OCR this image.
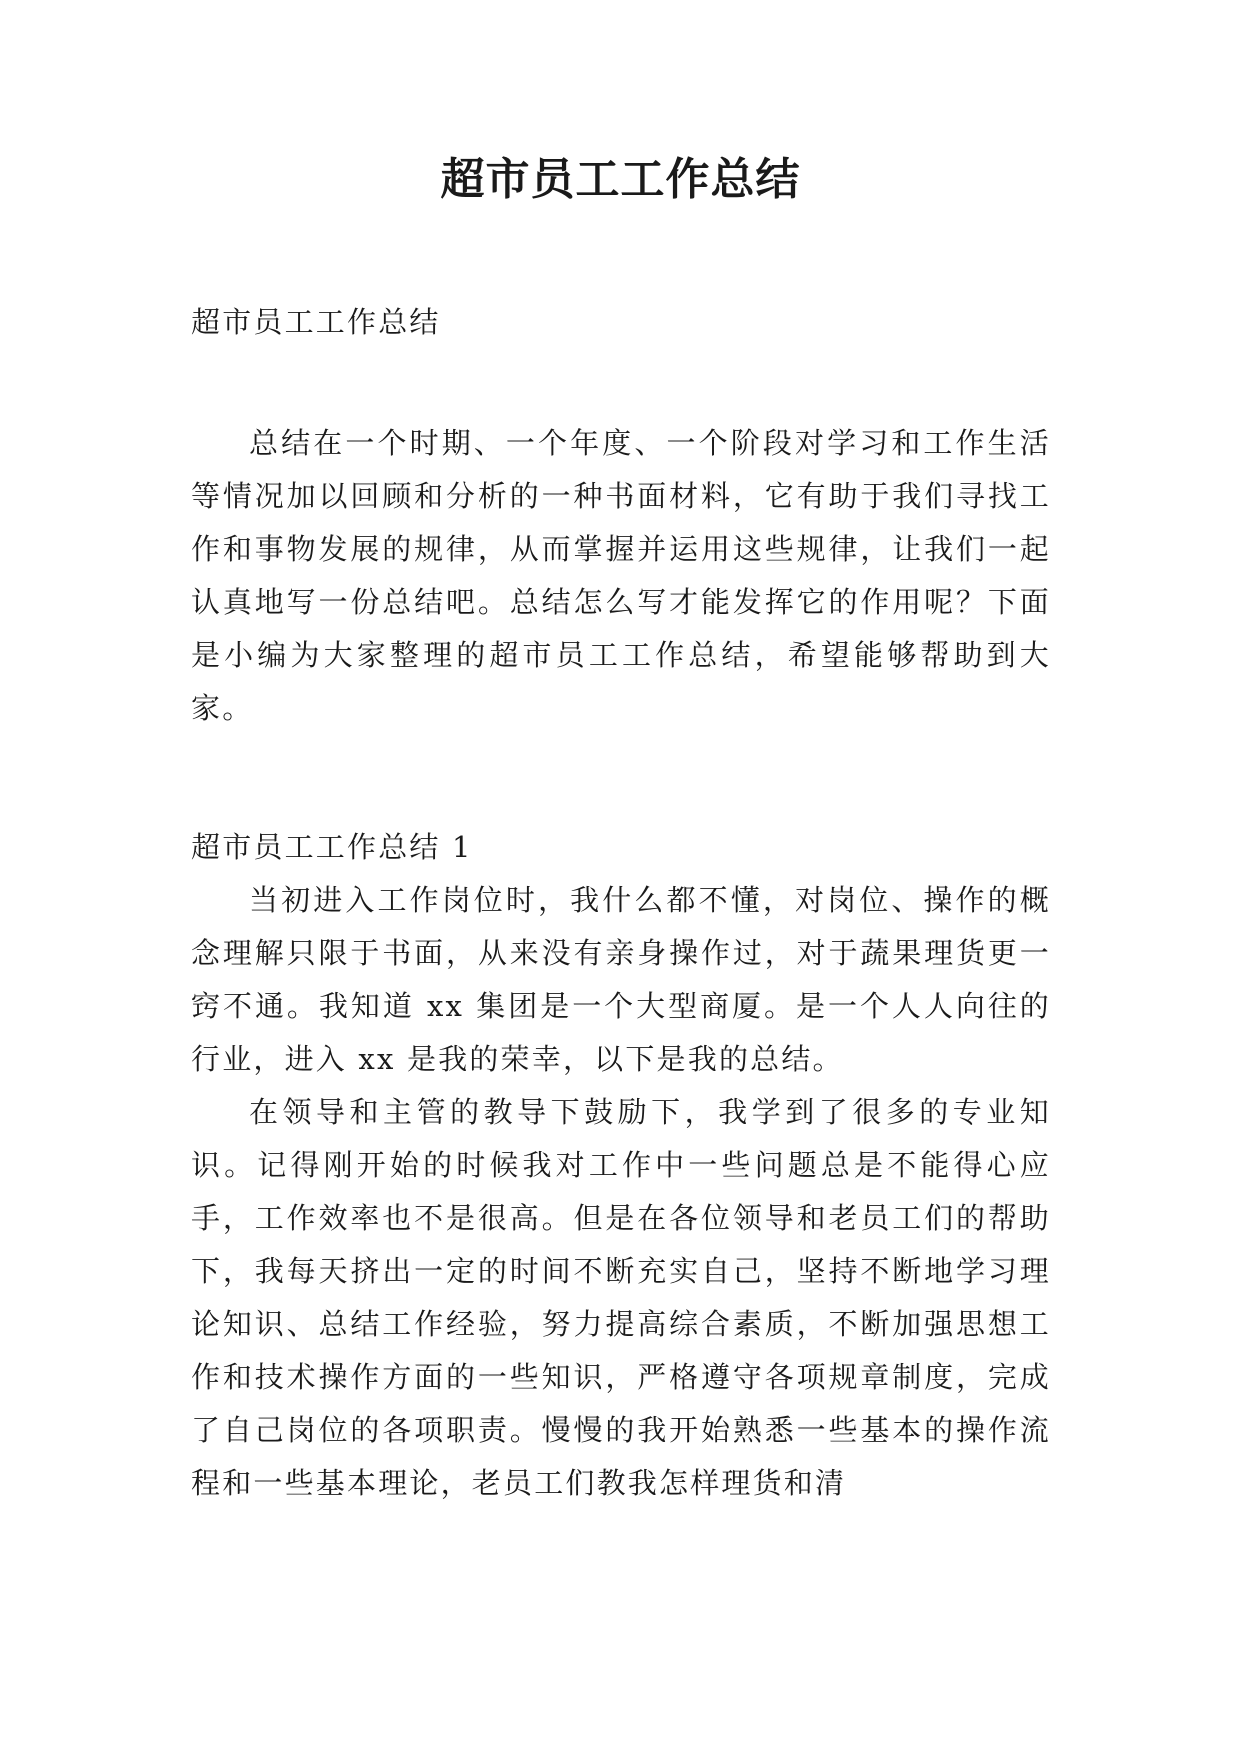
超市员工工作总结

超市员工工作总结

总结在一个时期、一个年度、一个阶段对学习和工作生活等情况加以回顾和分析的一种书面材料，它有助于我们寻找工作和事物发展的规律，从而掌握并运用这些规律，让我们一起认真地写一份总结吧。总结怎么写才能发挥它的作用呢？下面是小编为大家整理的超市员工工作总结，希望能够帮助到大家。

超市员工工作总结 1

当初进入工作岗位时，我什么都不懂，对岗位、操作的概念理解只限于书面，从来没有亲身操作过，对于蔬果理货更一窍不通。我知道 xx 集团是一个大型商厦。是一个人人向往的行业，进入 xx 是我的荣幸，以下是我的总结。

在领导和主管的教导下鼓励下，我学到了很多的专业知识。记得刚开始的时候我对工作中一些问题总是不能得心应手，工作效率也不是很高。但是在各位领导和老员工们的帮助下，我每天挤出一定的时间不断充实自己，坚持不断地学习理论知识、总结工作经验，努力提高综合素质，不断加强思想工作和技术操作方面的一些知识，严格遵守各项规章制度，完成了自己岗位的各项职责。慢慢的我开始熟悉一些基本的操作流程和一些基本理论，老员工们教我怎样理货和清
